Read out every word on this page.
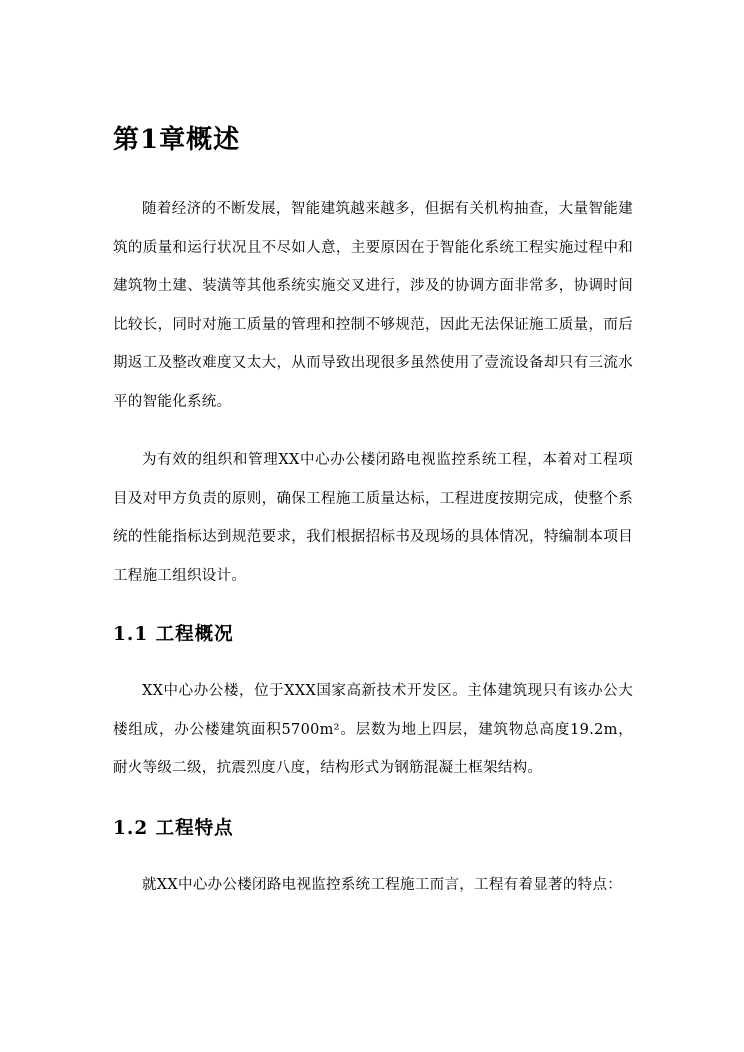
第1章概述

随着经济的不断发展，智能建筑越来越多，但据有关机构抽查，大量智能建筑的质量和运行状况且不尽如人意，主要原因在于智能化系统工程实施过程中和建筑物土建、装潢等其他系统实施交叉进行，涉及的协调方面非常多，协调时间比较长，同时对施工质量的管理和控制不够规范，因此无法保证施工质量，而后期返工及整改难度又太大，从而导致出现很多虽然使用了壹流设备却只有三流水平的智能化系统。

为有效的组织和管理XX中心办公楼闭路电视监控系统工程，本着对工程项目及对甲方负责的原则，确保工程施工质量达标，工程进度按期完成，使整个系统的性能指标达到规范要求，我们根据招标书及现场的具体情况，特编制本项目工程施工组织设计。

1.1 工程概况

XX中心办公楼，位于XXX国家高新技术开发区。主体建筑现只有该办公大楼组成，办公楼建筑面积5700m²。层数为地上四层，建筑物总高度19.2m，耐火等级二级，抗震烈度八度，结构形式为钢筋混凝土框架结构。

1.2 工程特点

就XX中心办公楼闭路电视监控系统工程施工而言，工程有着显著的特点：
